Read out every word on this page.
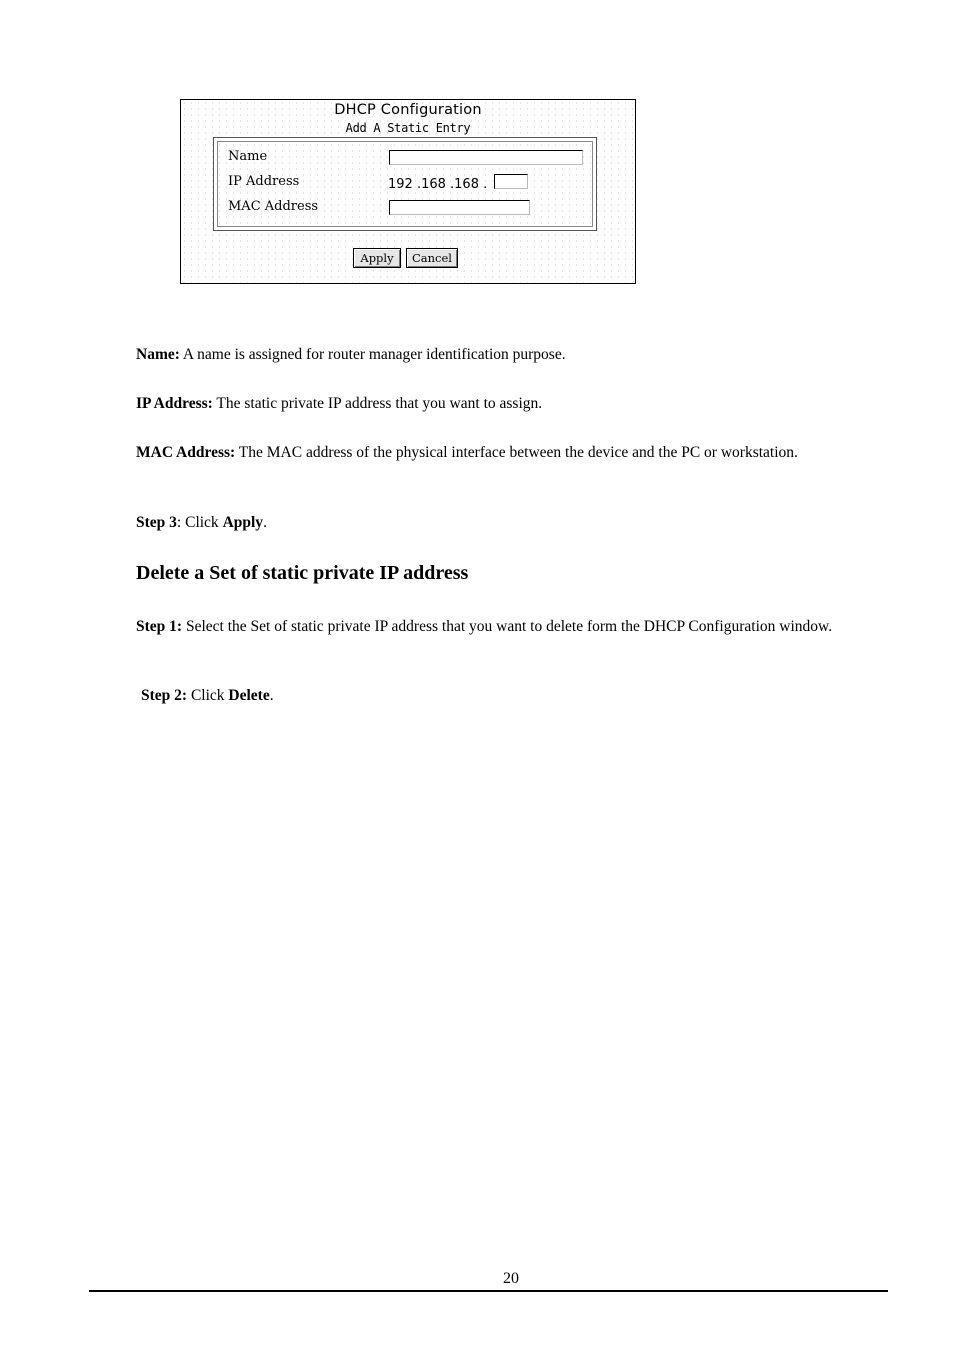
DHCP Configuration
Add A Static Entry
Name
IP Address	192 .168 .168 .
MAC Address
Apply	Cancel

Name: A name is assigned for router manager identification purpose.

IP Address: The static private IP address that you want to assign.

MAC Address: The MAC address of the physical interface between the device and the PC or workstation.

Step 3: Click Apply.

Delete a Set of static private IP address

Step 1: Select the Set of static private IP address that you want to delete form the DHCP Configuration window.

Step 2: Click Delete.

20
